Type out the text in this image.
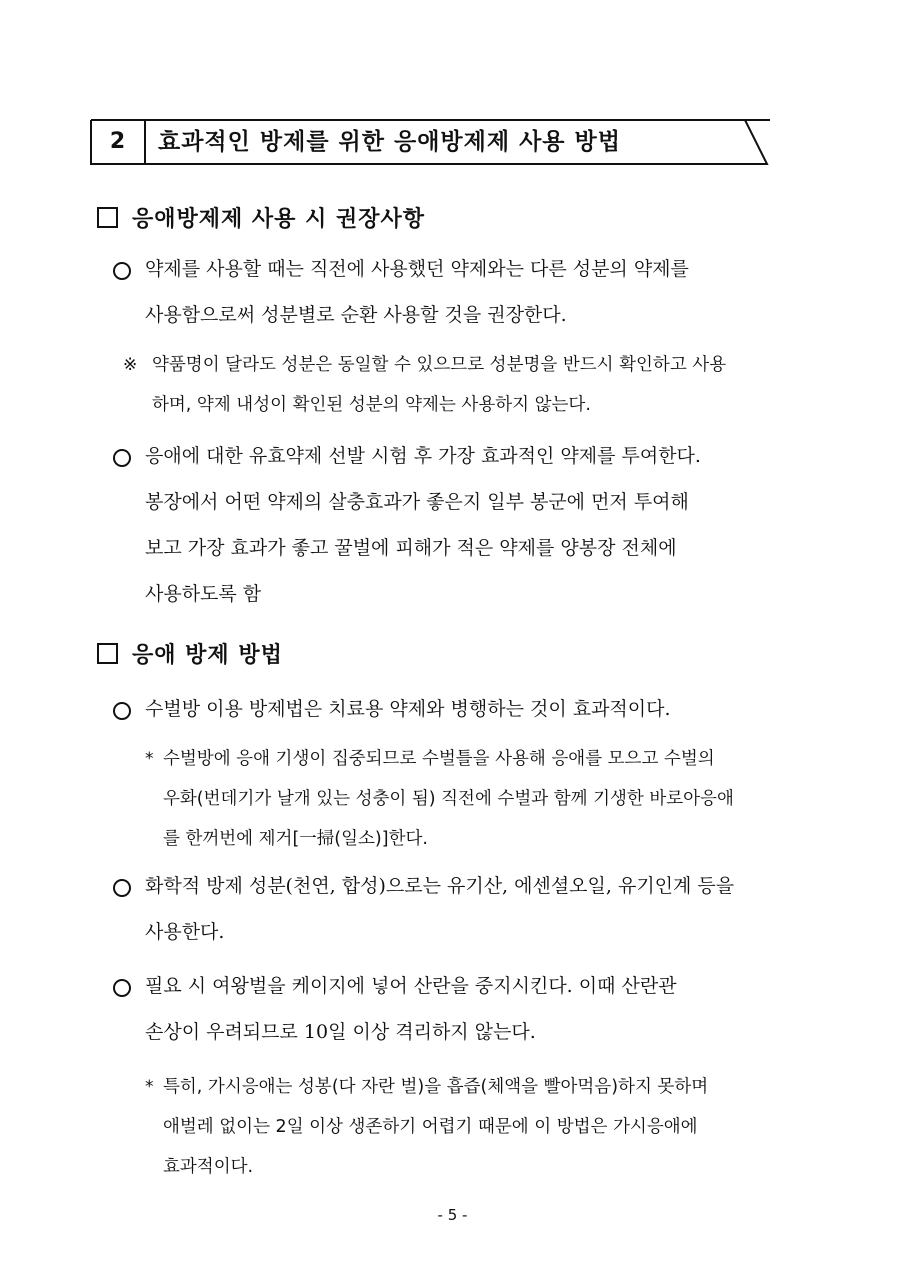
2	효과적인 방제를 위한 응애방제제 사용 방법
응애방제제 사용 시 권장사항
약제를 사용할 때는 직전에 사용했던 약제와는 다른 성분의 약제를
사용함으로써 성분별로 순환 사용할 것을 권장한다.
※ 약품명이 달라도 성분은 동일할 수 있으므로 성분명을 반드시 확인하고 사용
하며, 약제 내성이 확인된 성분의 약제는 사용하지 않는다.
응애에 대한 유효약제 선발 시험 후 가장 효과적인 약제를 투여한다.
봉장에서 어떤 약제의 살충효과가 좋은지 일부 봉군에 먼저 투여해
보고 가장 효과가 좋고 꿀벌에 피해가 적은 약제를 양봉장 전체에
사용하도록 함
응애 방제 방법
수벌방 이용 방제법은 치료용 약제와 병행하는 것이 효과적이다.
* 수벌방에 응애 기생이 집중되므로 수벌틀을 사용해 응애를 모으고 수벌의
우화(번데기가 날개 있는 성충이 됨) 직전에 수벌과 함께 기생한 바로아응애
를 한꺼번에 제거[一掃(일소)]한다.
화학적 방제 성분(천연, 합성)으로는 유기산, 에센셜오일, 유기인계 등을
사용한다.
필요 시 여왕벌을 케이지에 넣어 산란을 중지시킨다. 이때 산란관
손상이 우려되므로 10일 이상 격리하지 않는다.
* 특히, 가시응애는 성봉(다 자란 벌)을 흡즙(체액을 빨아먹음)하지 못하며
애벌레 없이는 2일 이상 생존하기 어렵기 때문에 이 방법은 가시응애에
효과적이다.
- 5 -
